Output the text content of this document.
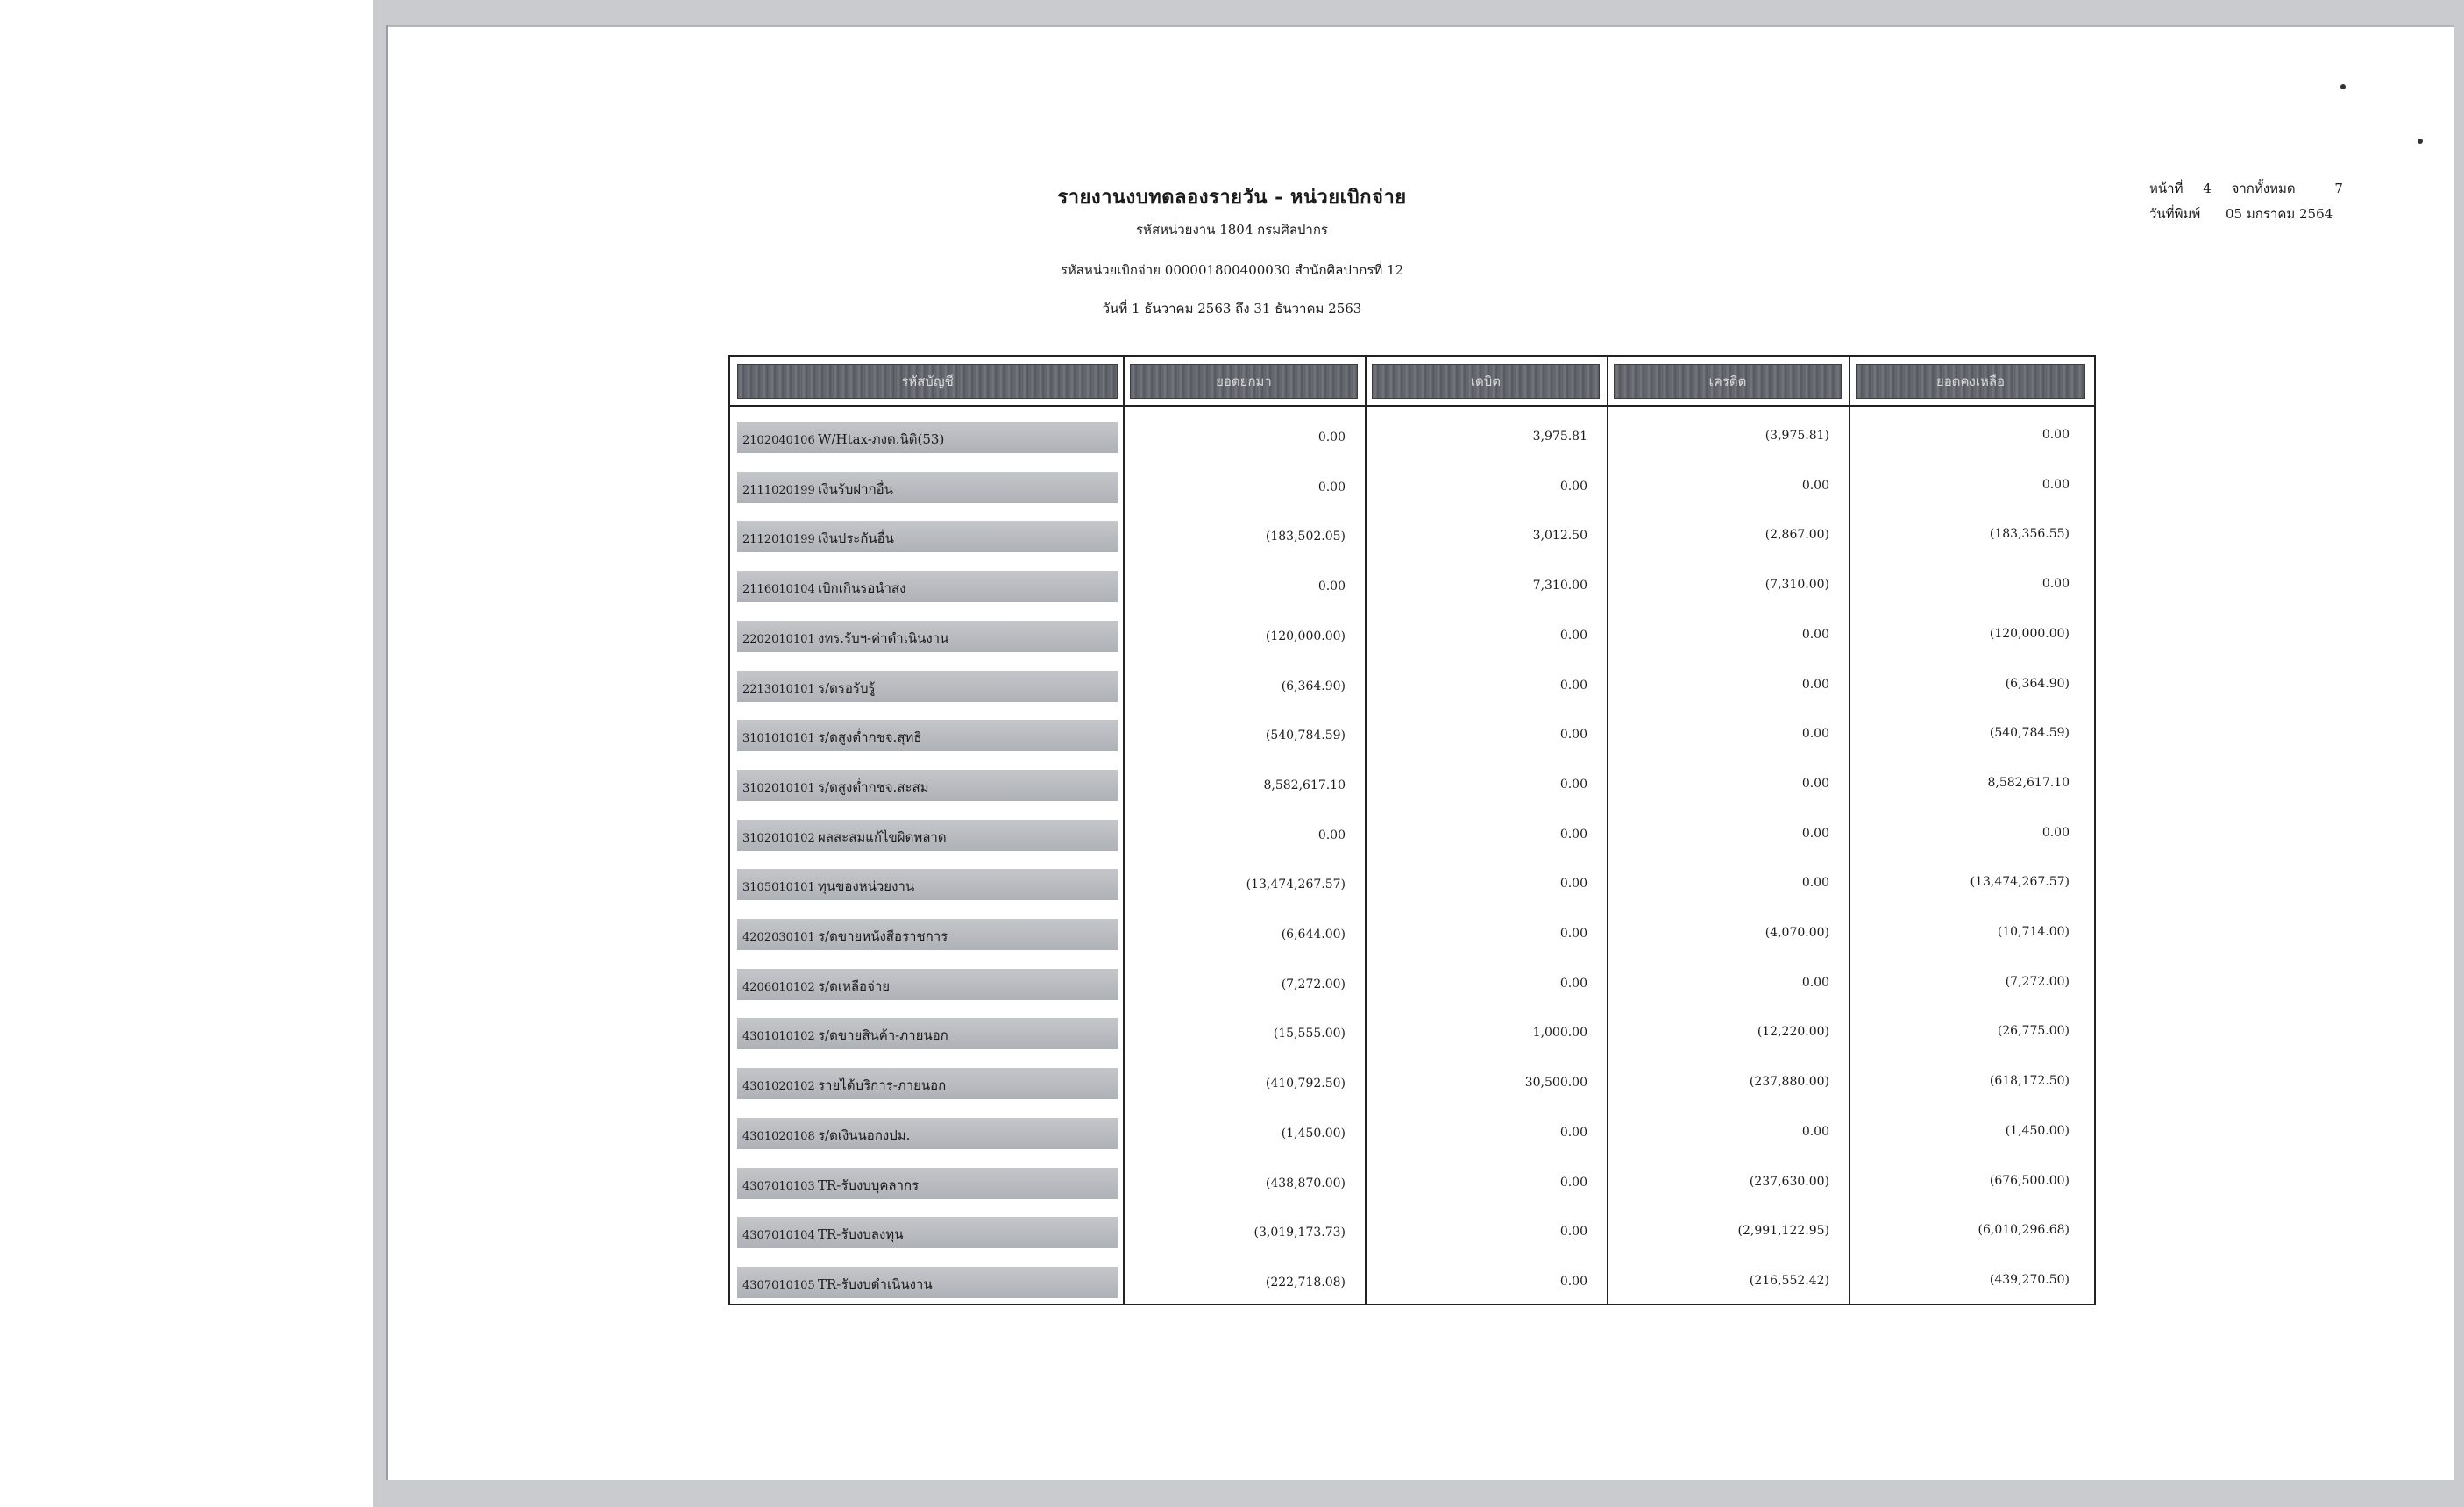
รายงานงบทดลองรายวัน - หน่วยเบิกจ่าย
รหัสหน่วยงาน 1804 กรมศิลปากร
รหัสหน่วยเบิกจ่าย 000001800400030 สำนักศิลปากรที่ 12
วันที่ 1 ธันวาคม 2563 ถึง 31 ธันวาคม 2563
หน้าที่ 4 จากทั้งหมด	7
วันที่พิมพ์ 05 มกราคม 2564
รหัสบัญชี	ยอดยกมา	เดบิต	เครดิต	ยอดคงเหลือ
2102040106 W/Htax-ภงด.นิติ(53)	0.00	3,975.81	(3,975.81)	0.00
2111020199 เงินรับฝากอื่น	0.00	0.00	0.00	0.00
2112010199 เงินประกันอื่น	(183,502.05)	3,012.50	(2,867.00)	(183,356.55)
2116010104 เบิกเกินรอนำส่ง	0.00	7,310.00	(7,310.00)	0.00
2202010101 งทร.รับฯ-ค่าดำเนินงาน	(120,000.00)	0.00	0.00	(120,000.00)
2213010101 ร/ดรอรับรู้	(6,364.90)	0.00	0.00	(6,364.90)
3101010101 ร/ดสูงต่ำกชจ.สุทธิ	(540,784.59)	0.00	0.00	(540,784.59)
3102010101 ร/ดสูงต่ำกชจ.สะสม	8,582,617.10	0.00	0.00	8,582,617.10
3102010102 ผลสะสมแก้ไขผิดพลาด	0.00	0.00	0.00	0.00
3105010101 ทุนของหน่วยงาน	(13,474,267.57)	0.00	0.00	(13,474,267.57)
4202030101 ร/ดขายหนังสือราชการ	(6,644.00)	0.00	(4,070.00)	(10,714.00)
4206010102 ร/ดเหลือจ่าย	(7,272.00)	0.00	0.00	(7,272.00)
4301010102 ร/ดขายสินค้า-ภายนอก	(15,555.00)	1,000.00	(12,220.00)	(26,775.00)
4301020102 รายได้บริการ-ภายนอก	(410,792.50)	30,500.00	(237,880.00)	(618,172.50)
4301020108 ร/ดเงินนอกงปม.	(1,450.00)	0.00	0.00	(1,450.00)
4307010103 TR-รับงบบุคลากร	(438,870.00)	0.00	(237,630.00)	(676,500.00)
4307010104 TR-รับงบลงทุน	(3,019,173.73)	0.00	(2,991,122.95)	(6,010,296.68)
4307010105 TR-รับงบดำเนินงาน	(222,718.08)	0.00	(216,552.42)	(439,270.50)
